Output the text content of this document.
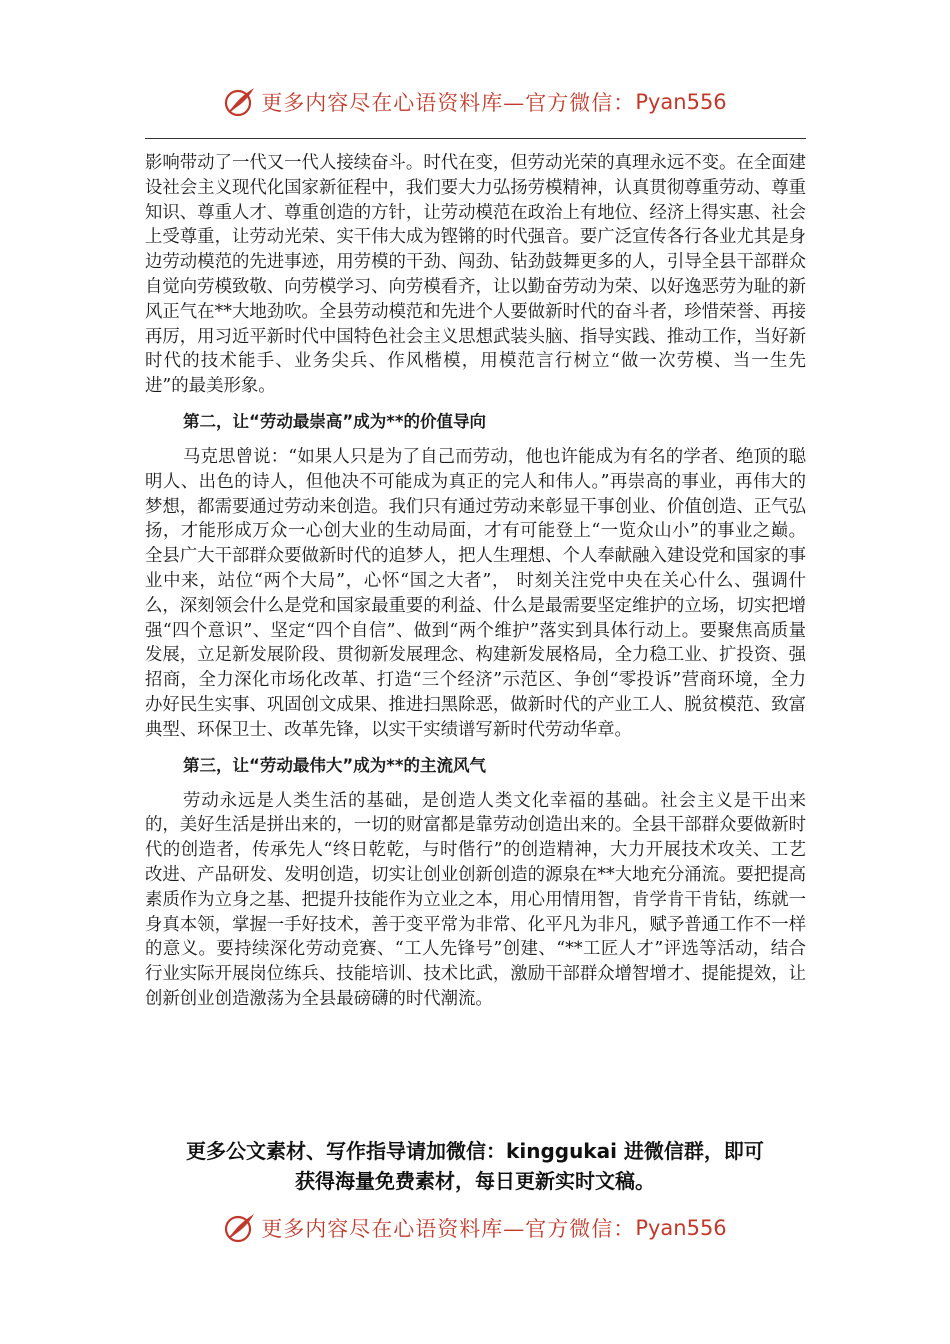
更多内容尽在心语资料库—官方微信： Pyan556

影响带动了一代又一代人接续奋斗。时代在变，但劳动光荣的真理永远不变。在全面建设社会主义现代化国家新征程中，我们要大力弘扬劳模精神，认真贯彻尊重劳动、尊重知识、尊重人才、尊重创造的方针，让劳动模范在政治上有地位、经济上得实惠、社会上受尊重，让劳动光荣、实干伟大成为铿锵的时代强音。要广泛宣传各行各业尤其是身边劳动模范的先进事迹，用劳模的干劲、闯劲、钻劲鼓舞更多的人，引导全县干部群众自觉向劳模致敬、向劳模学习、向劳模看齐，让以勤奋劳动为荣、以好逸恶劳为耻的新风正气在**大地劲吹。全县劳动模范和先进个人要做新时代的奋斗者，珍惜荣誉、再接再厉，用习近平新时代中国特色社会主义思想武装头脑、指导实践、推动工作，当好新时代的技术能手、业务尖兵、作风楷模，用模范言行树立“做一次劳模、当一生先进”的最美形象。

第二，让“劳动最崇高”成为**的价值导向

马克思曾说：“如果人只是为了自己而劳动，他也许能成为有名的学者、绝顶的聪明人、出色的诗人，但他决不可能成为真正的完人和伟人。”再崇高的事业，再伟大的梦想，都需要通过劳动来创造。我们只有通过劳动来彰显干事创业、价值创造、正气弘扬，才能形成万众一心创大业的生动局面，才有可能登上“一览众山小”的事业之巅。全县广大干部群众要做新时代的追梦人，把人生理想、个人奉献融入建设党和国家的事业中来，站位“两个大局”，心怀“国之大者”， 时刻关注党中央在关心什么、强调什么，深刻领会什么是党和国家最重要的利益、什么是最需要坚定维护的立场，切实把增强“四个意识”、坚定“四个自信”、做到“两个维护”落实到具体行动上。要聚焦高质量发展，立足新发展阶段、贯彻新发展理念、构建新发展格局，全力稳工业、扩投资、强招商，全力深化市场化改革、打造“三个经济”示范区、争创“零投诉”营商环境，全力办好民生实事、巩固创文成果、推进扫黑除恶，做新时代的产业工人、脱贫模范、致富典型、环保卫士、改革先锋，以实干实绩谱写新时代劳动华章。

第三，让“劳动最伟大”成为**的主流风气

劳动永远是人类生活的基础，是创造人类文化幸福的基础。社会主义是干出来的，美好生活是拼出来的，一切的财富都是靠劳动创造出来的。全县干部群众要做新时代的创造者，传承先人“终日乾乾，与时偕行”的创造精神，大力开展技术攻关、工艺改进、产品研发、发明创造，切实让创业创新创造的源泉在**大地充分涌流。要把提高素质作为立身之基、把提升技能作为立业之本，用心用情用智，肯学肯干肯钻，练就一身真本领，掌握一手好技术，善于变平常为非常、化平凡为非凡，赋予普通工作不一样的意义。要持续深化劳动竞赛、“工人先锋号”创建、“**工匠人才”评选等活动，结合行业实际开展岗位练兵、技能培训、技术比武，激励干部群众增智增才、提能提效，让创新创业创造激荡为全县最磅礴的时代潮流。

更多公文素材、写作指导请加微信：kinggukai 进微信群，即可
获得海量免费素材，每日更新实时文稿。
更多内容尽在心语资料库—官方微信： Pyan556
